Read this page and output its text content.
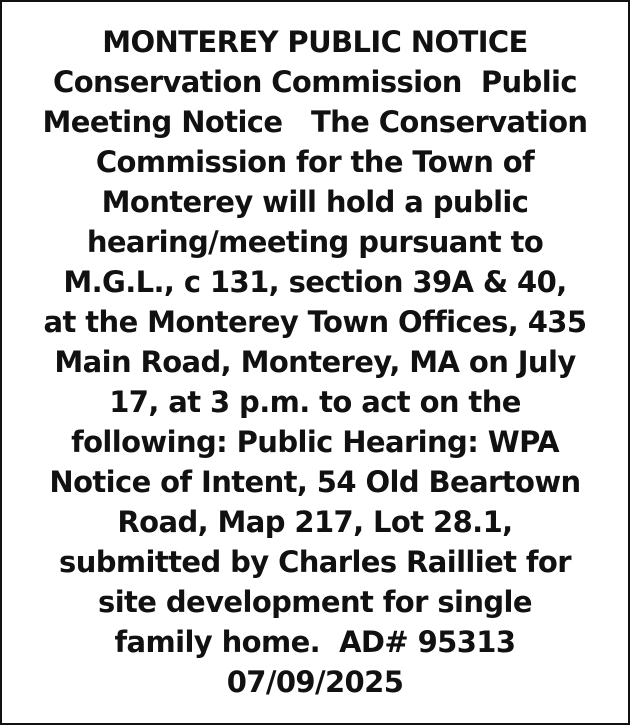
MONTEREY PUBLIC NOTICE
Conservation Commission  Public
Meeting Notice   The Conservation
Commission for the Town of
Monterey will hold a public
hearing/meeting pursuant to
M.G.L., c 131, section 39A & 40,
at the Monterey Town Offices, 435
Main Road, Monterey, MA on July
17, at 3 p.m. to act on the
following: Public Hearing: WPA
Notice of Intent, 54 Old Beartown
Road, Map 217, Lot 28.1,
submitted by Charles Railliet for
site development for single
family home.  AD# 95313
07/09/2025
